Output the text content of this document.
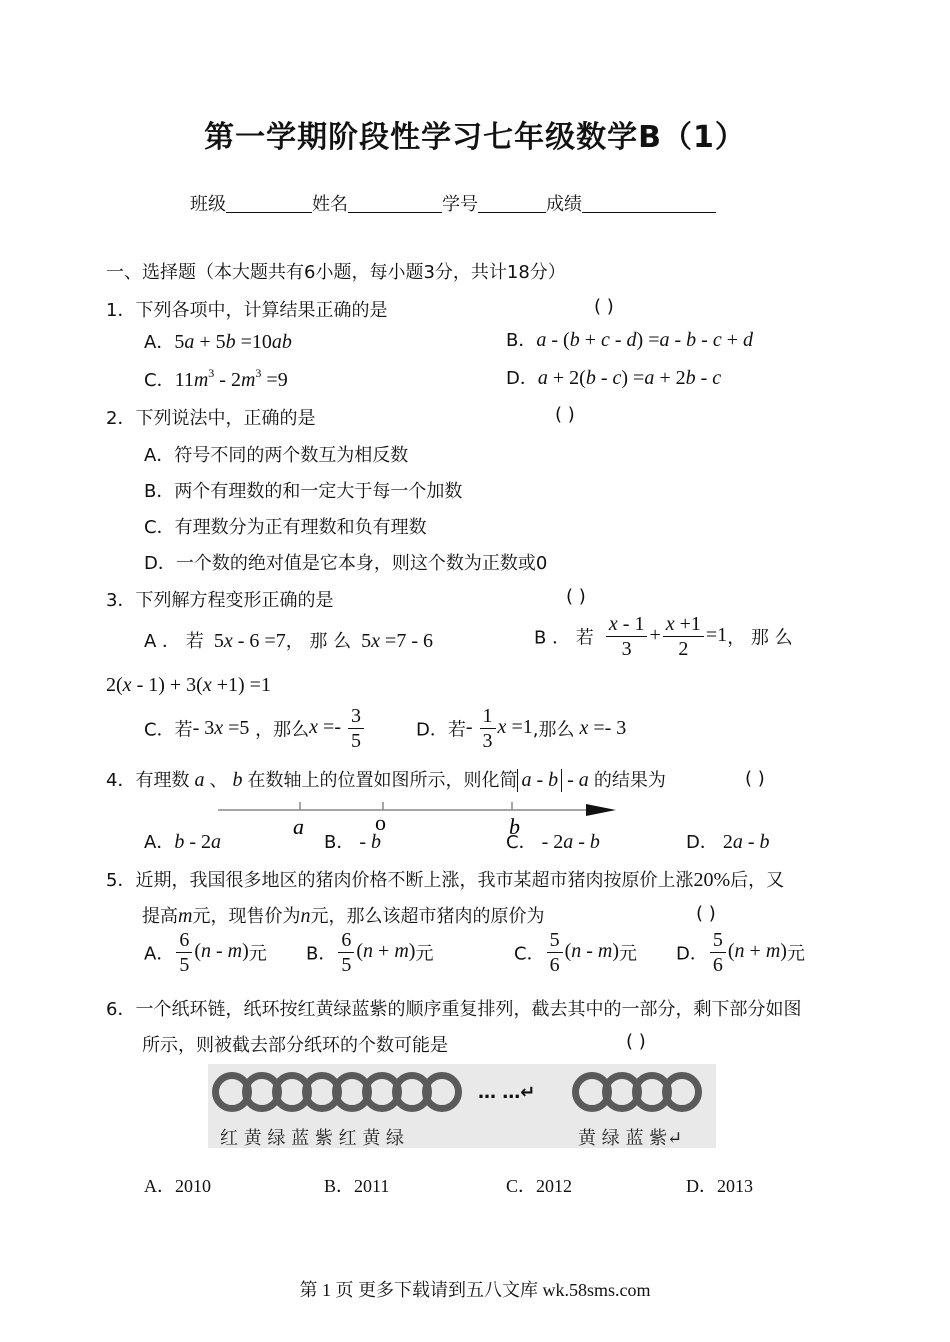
第一学期阶段性学习七年级数学B（1）
班级	姓名	学号	成绩
一、选择题（本大题共有6小题，每小题3分，共计18分）
1．下列各项中，计算结果正确的是	( )
A．5a + 5b =10ab	B．a - (b + c - d) =a - b - c + d
C．$11m^3 - 2m^3 =9$	D．a + 2(b - c) =a + 2b - c
2．下列说法中，正确的是	( )
A．符号不同的两个数互为相反数
B．两个有理数的和一定大于每一个加数
C．有理数分为正有理数和负有理数
D．一个数的绝对值是它本身，则这个数为正数或0
3．下列解方程变形正确的是	( )
A ． 若  5x - 6 =7， 那 么  5x =7 - 6	B ． 若 $\frac{x - 1}{3} + \frac{x +1}{2} =1$， 那 么
2(x - 1) + 3(x +1) =1
C．若- 3x =5 ，那么$x =- \frac{3}{5}$	D．若- $\frac{1}{3}$ x =1,那么 x =- 3
4．有理数 a 、 b 在数轴上的位置如图所示，则化简 a - b - a 的结果为	( )
a	o	b
A．b - 2a	B． - b	C． - 2a - b	D． 2a - b
5．近期，我国很多地区的猪肉价格不断上涨，我市某超市猪肉按原价上涨20%后，又
提高m元，现售价为n元，那么该超市猪肉的原价为	( )
A． $\frac{6}{5} (n - m)$元 B． $\frac{6}{5} (n + m)$元	C． $\frac{5}{6} (n - m)$元 D． $\frac{5}{6} (n + m)$元
6．一个纸环链，纸环按红黄绿蓝紫的顺序重复排列，截去其中的一部分，剩下部分如图
所示，则被截去部分纸环的个数可能是	( )
… …↵
红 黄 绿 蓝 紫 红 黄 绿	黄 绿 蓝 紫↵
A．2010	B．2011	C．2012	D．2013
第 1 页 更多下载请到五八文库 wk.58sms.com
